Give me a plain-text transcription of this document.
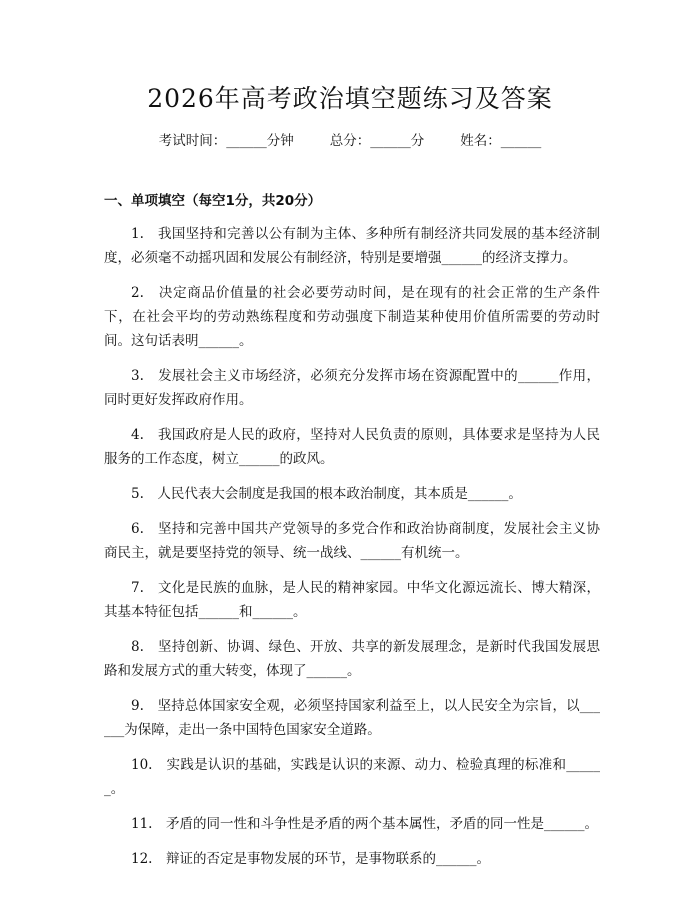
2026年高考政治填空题练习及答案
考试时间：______分钟	总分：______分	姓名：______
一、单项填空（每空1分，共20分）

1.　我国坚持和完善以公有制为主体、多种所有制经济共同发展的基本经济制度，必须毫不动摇巩固和发展公有制经济，特别是要增强______的经济支撑力。

2.　决定商品价值量的社会必要劳动时间，是在现有的社会正常的生产条件下，在社会平均的劳动熟练程度和劳动强度下制造某种使用价值所需要的劳动时间。这句话表明______。

3.　发展社会主义市场经济，必须充分发挥市场在资源配置中的______作用，同时更好发挥政府作用。

4.　我国政府是人民的政府，坚持对人民负责的原则，具体要求是坚持为人民服务的工作态度，树立______的政风。

5.　人民代表大会制度是我国的根本政治制度，其本质是______。

6.　坚持和完善中国共产党领导的多党合作和政治协商制度，发展社会主义协商民主，就是要坚持党的领导、统一战线、______有机统一。

7.　文化是民族的血脉，是人民的精神家园。中华文化源远流长、博大精深，其基本特征包括______和______。

8.　坚持创新、协调、绿色、开放、共享的新发展理念，是新时代我国发展思路和发展方式的重大转变，体现了______。

9.　坚持总体国家安全观，必须坚持国家利益至上，以人民安全为宗旨，以______为保障，走出一条中国特色国家安全道路。

10.　实践是认识的基础，实践是认识的来源、动力、检验真理的标准和______。

11.　矛盾的同一性和斗争性是矛盾的两个基本属性，矛盾的同一性是______。

12.　辩证的否定是事物发展的环节，是事物联系的______。
